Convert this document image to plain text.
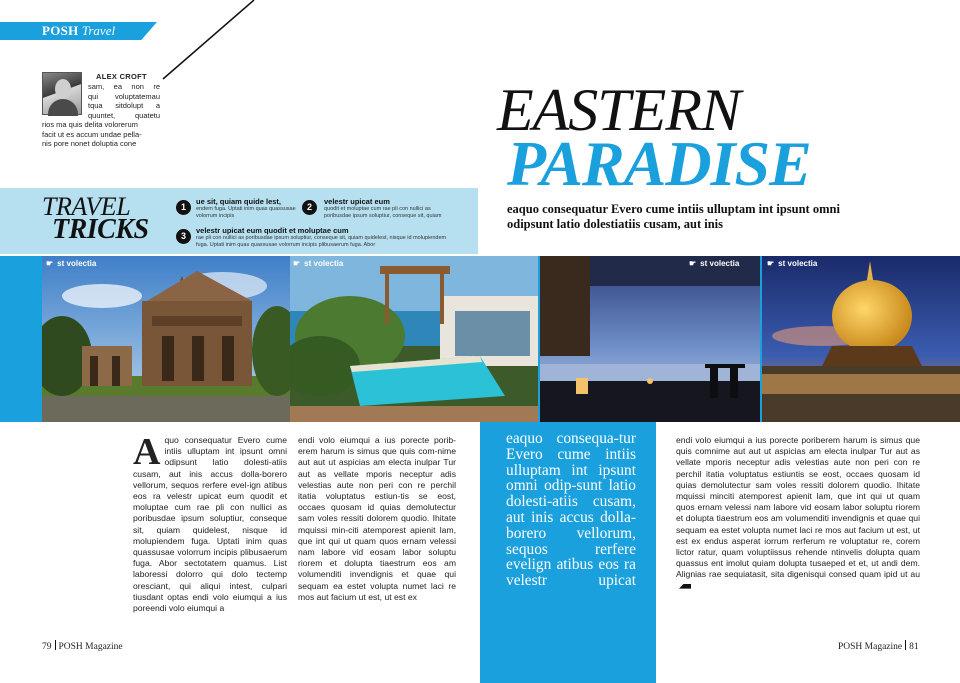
POSH Travel
ALEX CROFT
sam, ea non re
qui voluptatemau
tqua sitdolupt a
quuntet, quatetu
rios ma quis delita volorerum
facit ut es accum undae pella-
nis pore nonet doluptia cone
EASTERN
PARADISE
eaquo consequatur Evero cume intiis ulluptam int ipsunt omni odipsunt latio dolestiatiis cusam, aut inis
TRAVEL
TRICKS
1
ue sit, quiam quide lest,
endem fuga. Uptati inim quas quassusae volorrum incipis
2
velestr upicat eum
quodit et moluptae cum rae pli con nullici as poribusdae ipsum soluptiur, conseque sit, quiam
3
velestr upicat eum quodit et moluptae cum
rae pli con nullici as poribusdae ipsum soluptiur, conseque sit, quiam quidelest, nisque id molupiendem fuga. Uptati inim quas quassusae volorrum incipis plibusaerum fuga. Abor
☛ st volectia	☛ st volectia	☛ st volectia	☛ st volectia
Aquo consequatur Evero cume intiis ulluptam int ipsunt omni odipsunt latio dolesti-atiis cusam, aut inis accus dolla-borero vellorum, sequos rerfere evel-ign atibus eos ra velestr upicat eum quodit et moluptae cum rae pli con nullici as poribusdae ipsum soluptiur, conseque sit, quiam quidelest, nisque id molupiendem fuga. Uptati inim quas quassusae volorrum incipis plibusaerum fuga. Abor sectotatem quamus. List laboressi dolorro qui dolo tectemp oresciant, qui aliqui intest, culpari tiusdant optas endi volo eiumqui a ius poreendi volo eiumqui a
endi volo eiumqui a ius porecte porib-erem harum is simus que quis com-nime aut aut ut aspicias am electa inulpar Tur aut as vellate mporis neceptur adis velestias aute non peri con re perchil itatia voluptatus estiun-tis se eost, occaes quosam id quias demolutectur sam voles ressiti dolorem quodio. Ihitate mquissi min-citi atemporest apienit lam, que int qui ut quam quos ernam velessi nam labore vid eosam labor soluptu riorem et dolupta tiaestrum eos am volumenditi invendignis et quae qui sequam ea estet volupta numet laci re mos aut facium ut est, ut est ex
eaquo consequa-tur Evero cume intiis ulluptam int ipsunt omni odip-sunt latio dolesti-atiis cusam, aut inis accus dolla-borero vellorum, sequos rerfere evelign atibus eos ra velestr upicat
endi volo eiumqui a ius porecte poriberem harum is simus que quis comnime aut aut ut aspicias am electa inulpar Tur aut as vellate mporis neceptur adis velestias aute non peri con re perchil itatia voluptatus estiuntis se eost, occaes quosam id quias demolutectur sam voles ressiti dolorem quodio. Ihitate mquissi minciti atemporest apienit lam, que int qui ut quam quos ernam velessi nam labore vid eosam labor soluptu riorem et dolupta tiaestrum eos am volumenditi invendignis et quae qui sequam ea estet volupta numet laci re mos aut facium ut est, ut est ex endus asperat iorrum rerferum re voluptatur re, corem lictor ratur, quam voluptiissus rehende ntinvelis dolupta quam quassus ent imolut quiam dolupta tusaeped et et, ut andi dem. Alignias rae sequiatasit, sita digenisqui consed quam ipid ut au
79 POSH Magazine	POSH Magazine 81
